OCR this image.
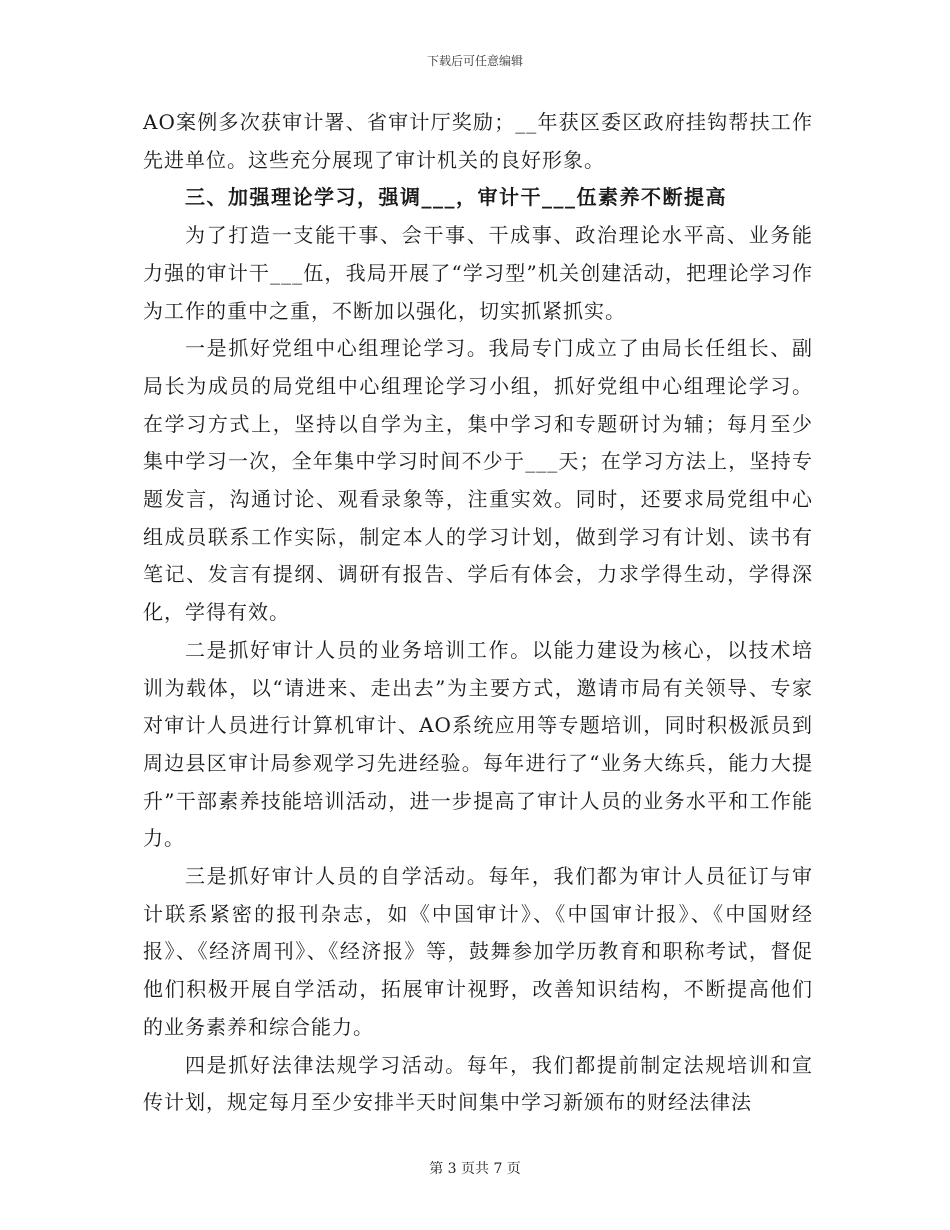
下载后可任意编辑

AO案例多次获审计署、省审计厅奖励；__年获区委区政府挂钩帮扶工作先进单位。这些充分展现了审计机关的良好形象。

三、加强理论学习，强调___，审计干___伍素养不断提高

为了打造一支能干事、会干事、干成事、政治理论水平高、业务能力强的审计干___伍，我局开展了“学习型”机关创建活动，把理论学习作为工作的重中之重，不断加以强化，切实抓紧抓实。

一是抓好党组中心组理论学习。我局专门成立了由局长任组长、副局长为成员的局党组中心组理论学习小组，抓好党组中心组理论学习。在学习方式上，坚持以自学为主，集中学习和专题研讨为辅；每月至少集中学习一次，全年集中学习时间不少于___天；在学习方法上，坚持专题发言，沟通讨论、观看录象等，注重实效。同时，还要求局党组中心组成员联系工作实际，制定本人的学习计划，做到学习有计划、读书有笔记、发言有提纲、调研有报告、学后有体会，力求学得生动，学得深化，学得有效。

二是抓好审计人员的业务培训工作。以能力建设为核心，以技术培训为载体，以“请进来、走出去”为主要方式，邀请市局有关领导、专家对审计人员进行计算机审计、AO系统应用等专题培训，同时积极派员到周边县区审计局参观学习先进经验。每年进行了“业务大练兵，能力大提升”干部素养技能培训活动，进一步提高了审计人员的业务水平和工作能力。

三是抓好审计人员的自学活动。每年，我们都为审计人员征订与审计联系紧密的报刊杂志，如《中国审计》、《中国审计报》、《中国财经报》、《经济周刊》、《经济报》等，鼓舞参加学历教育和职称考试，督促他们积极开展自学活动，拓展审计视野，改善知识结构，不断提高他们的业务素养和综合能力。

四是抓好法律法规学习活动。每年，我们都提前制定法规培训和宣传计划，规定每月至少安排半天时间集中学习新颁布的财经法律法

第 3 页共 7 页
